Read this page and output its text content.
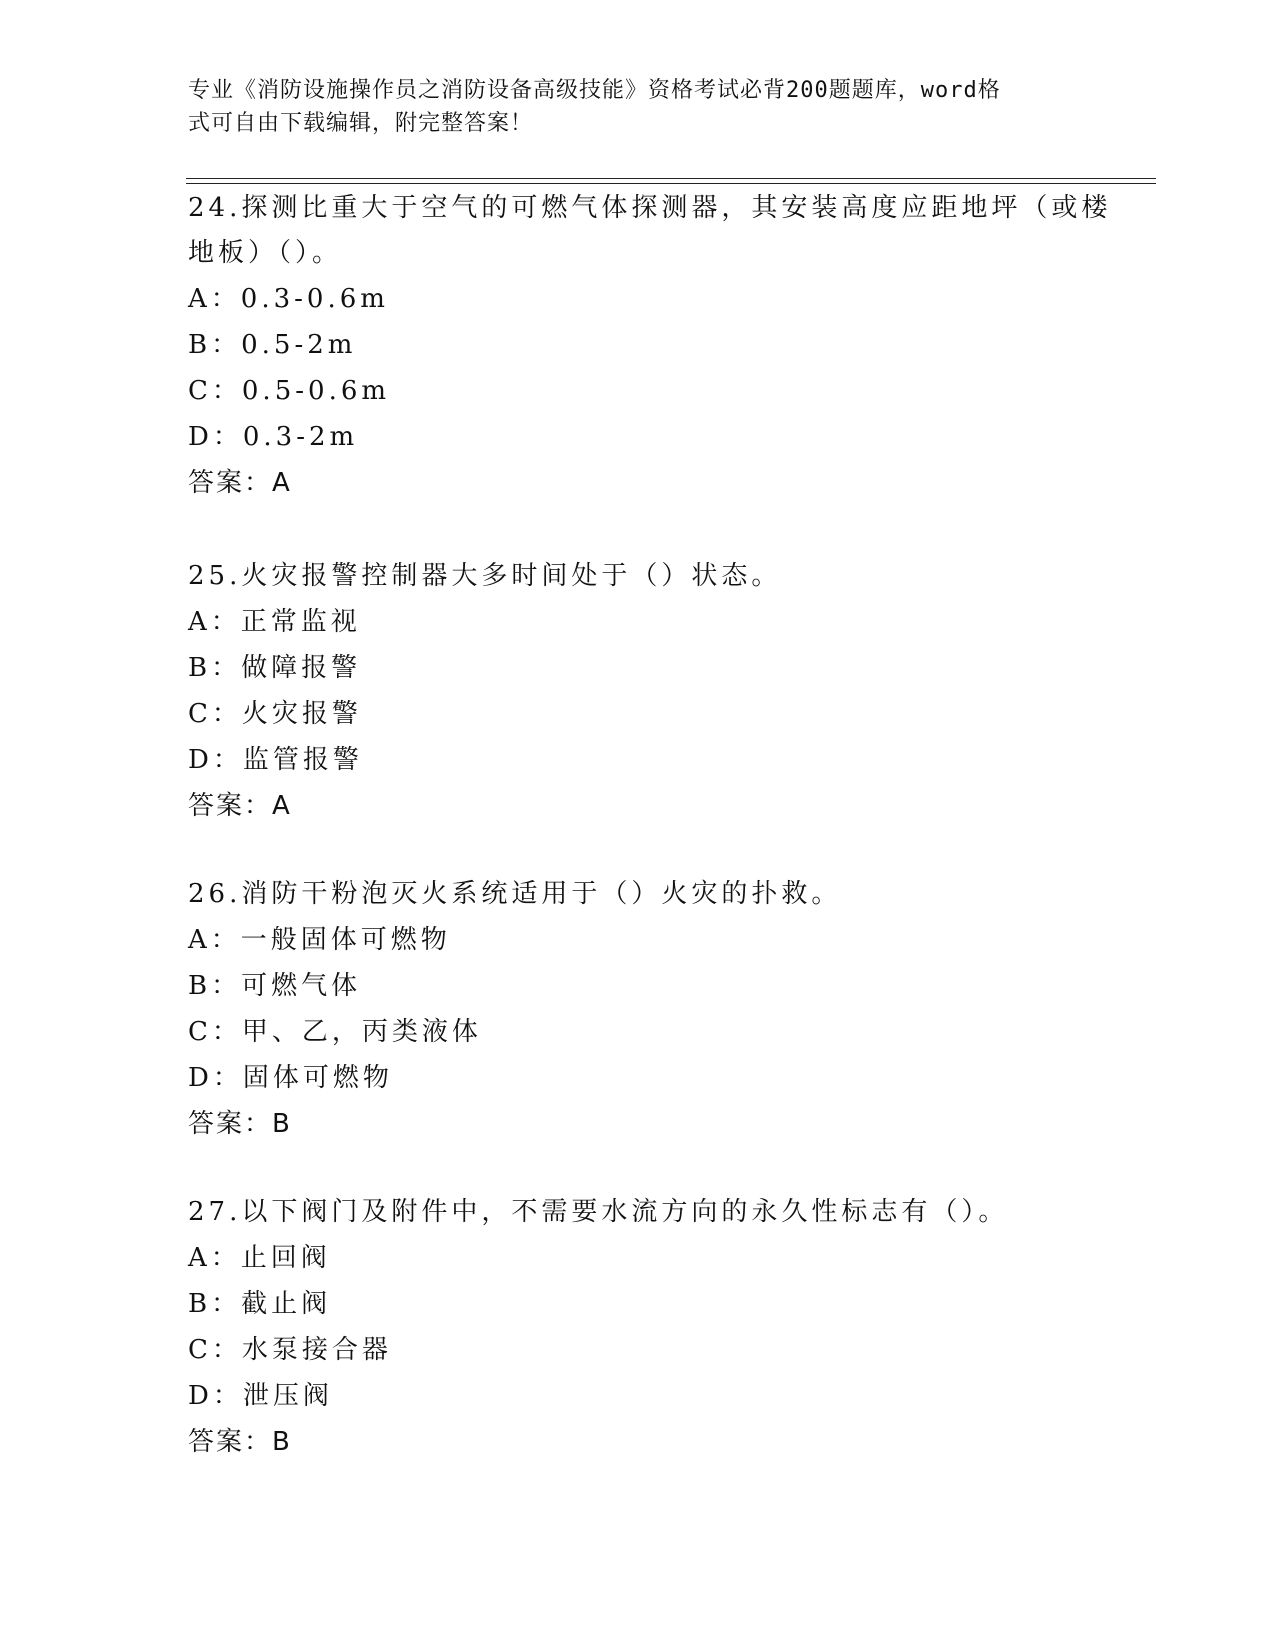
专业《消防设施操作员之消防设备高级技能》资格考试必背200题题库，word格
式可自由下载编辑，附完整答案！
24.探测比重大于空气的可燃气体探测器，其安装高度应距地坪（或楼
地板）（）。
A：0.3-0.6m
B：0.5-2m
C：0.5-0.6m
D：0.3-2m
答案：A
25.火灾报警控制器大多时间处于（）状态。
A：正常监视
B：做障报警
C：火灾报警
D：监管报警
答案：A
26.消防干粉泡灭火系统适用于（）火灾的扑救。
A：一般固体可燃物
B：可燃气体
C：甲、乙，丙类液体
D：固体可燃物
答案：B
27.以下阀门及附件中，不需要水流方向的永久性标志有（）。
A：止回阀
B：截止阀
C：水泵接合器
D：泄压阀
答案：B
